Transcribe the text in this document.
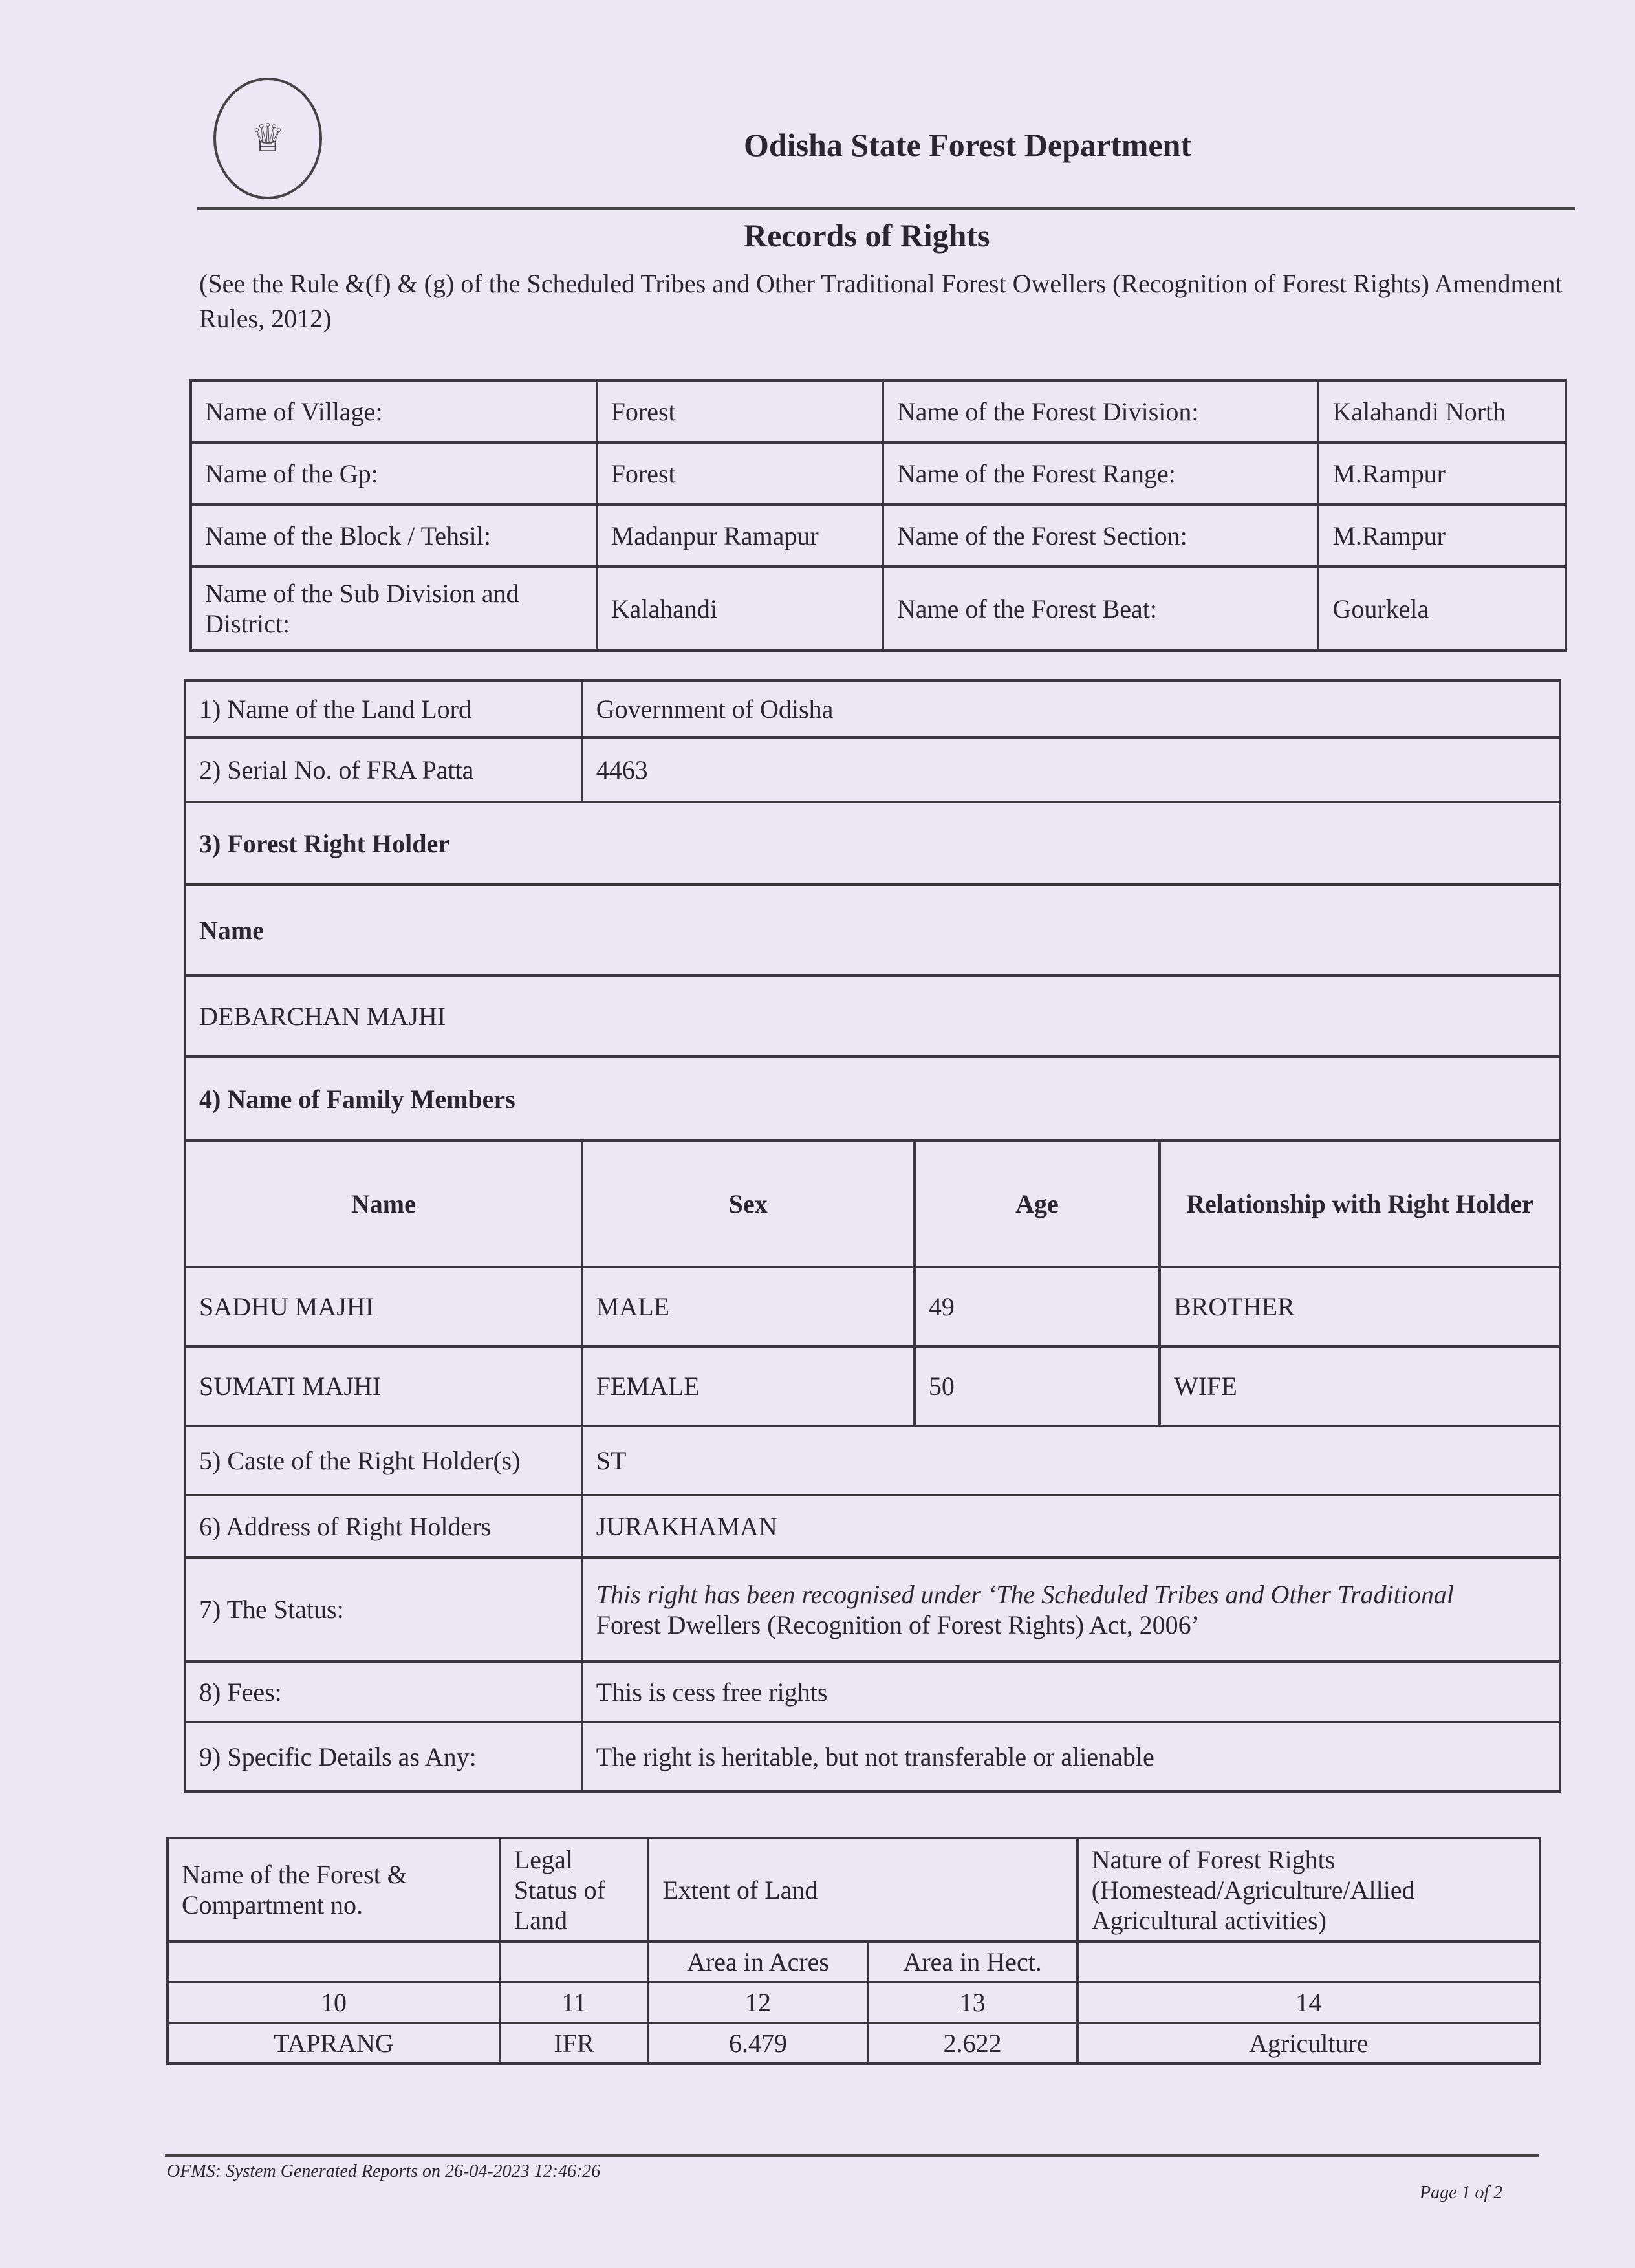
♕	Odisha State Forest Department
Records of Rights
(See the Rule &(f) & (g) of the Scheduled Tribes and Other Traditional Forest Owellers (Recognition of Forest Rights) Amendment Rules, 2012)
Name of Village:	Forest	Name of the Forest Division:	Kalahandi North
Name of the Gp:	Forest	Name of the Forest Range:	M.Rampur
Name of the Block / Tehsil:	Madanpur Ramapur	Name of the Forest Section:	M.Rampur
Name of the Sub Division and District:	Kalahandi	Name of the Forest Beat:	Gourkela
1) Name of the Land Lord	Government of Odisha		
2) Serial No. of FRA Patta	4463		
3) Forest Right Holder			
Name			
DEBARCHAN MAJHI			
4) Name of Family Members			
Name	Sex	Age	Relationship with Right Holder
SADHU MAJHI	MALE	49	BROTHER
SUMATI MAJHI	FEMALE	50	WIFE
5) Caste of the Right Holder(s)	ST		
6) Address of Right Holders	JURAKHAMAN		
7) The Status:	This right has been recognised under ‘The Scheduled Tribes and Other Traditional
Forest Dwellers (Recognition of Forest Rights) Act, 2006’		

8) Fees:	This is cess free rights		
9) Specific Details as Any:	The right is heritable, but not transferable or alienable		
Name of the Forest & Compartment no.	Legal Status of Land	Extent of Land		Nature of Forest Rights (Homestead/Agriculture/Allied Agricultural activities)
		Area in Acres	Area in Hect.	
10	11	12	13	14
TAPRANG	IFR	6.479	2.622	Agriculture
OFMS: System Generated Reports on 26-04-2023 12:46:26
Page 1 of 2
